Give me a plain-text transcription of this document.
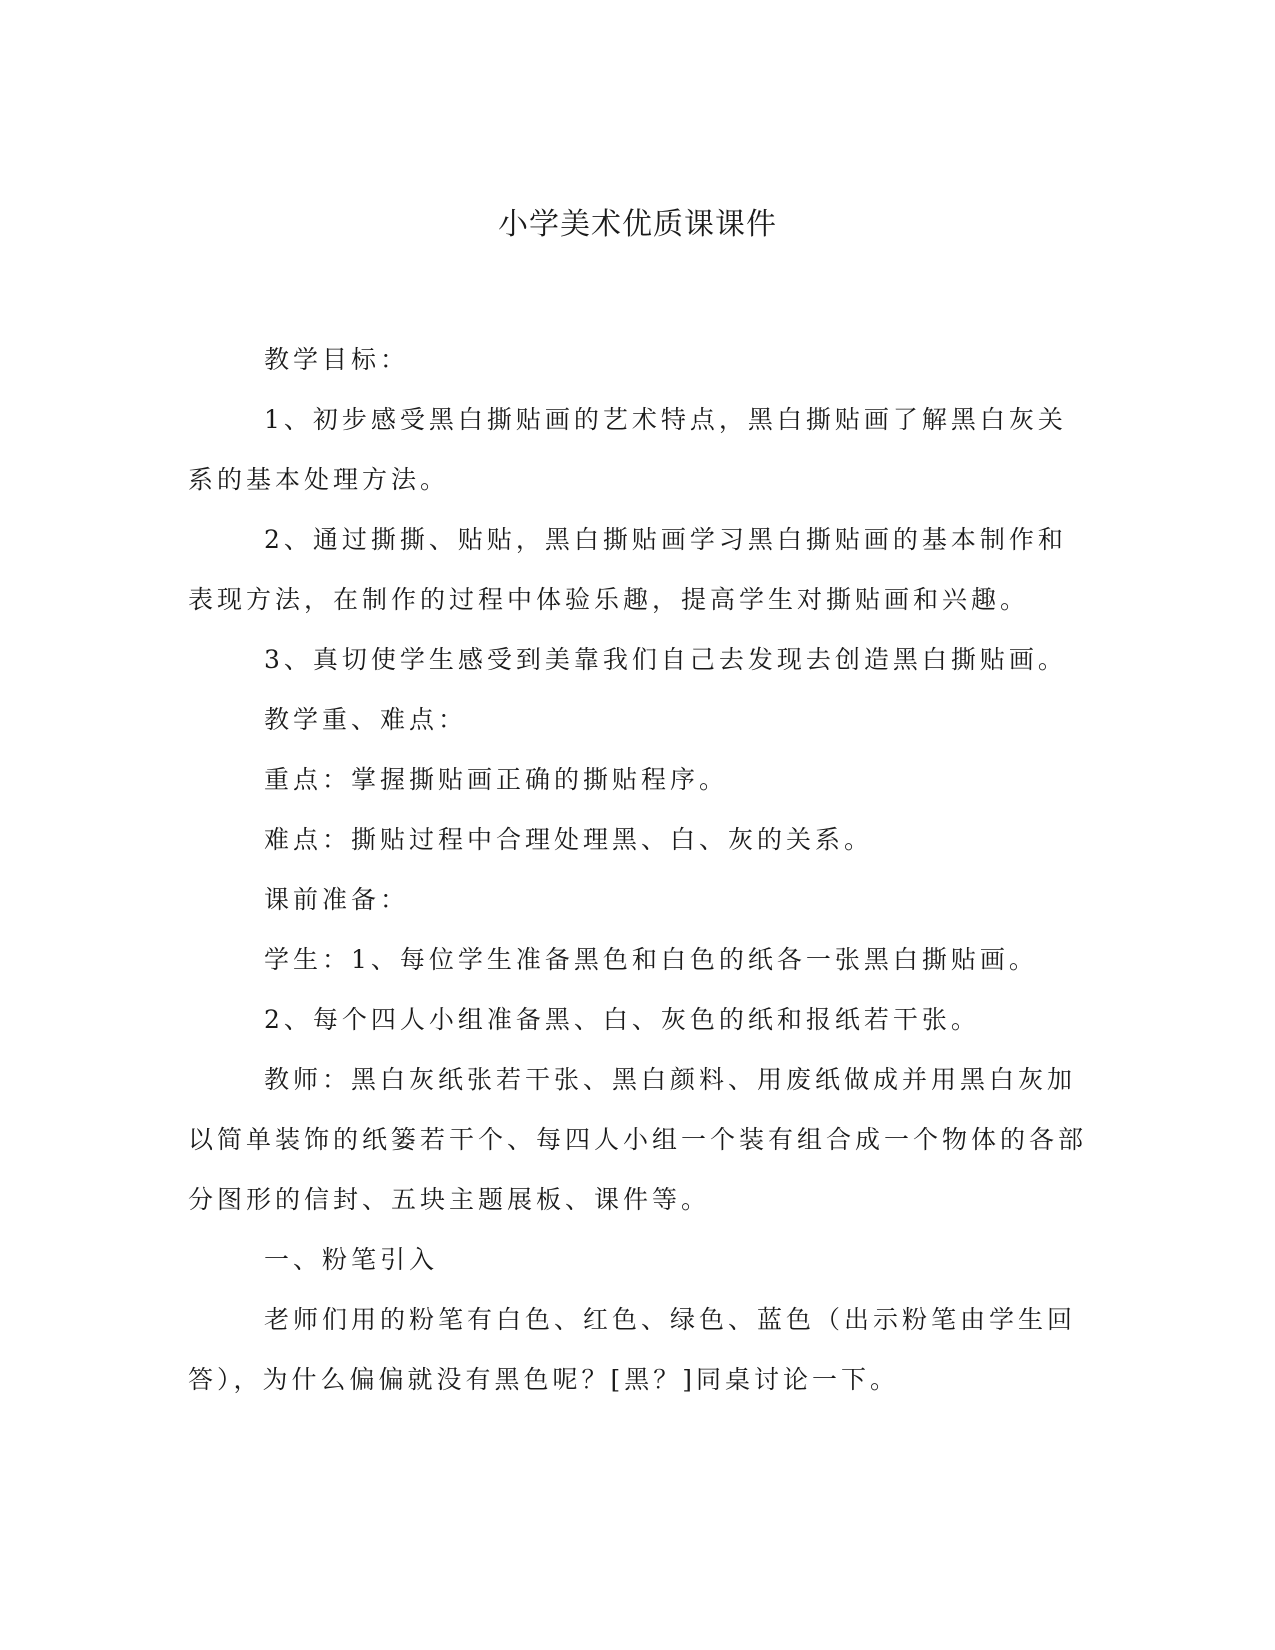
小学美术优质课课件

教学目标：

1、初步感受黑白撕贴画的艺术特点，黑白撕贴画了解黑白灰关系的基本处理方法。

2、通过撕撕、贴贴，黑白撕贴画学习黑白撕贴画的基本制作和表现方法，在制作的过程中体验乐趣，提高学生对撕贴画和兴趣。

3、真切使学生感受到美靠我们自己去发现去创造黑白撕贴画。

教学重、难点：

重点：掌握撕贴画正确的撕贴程序。

难点：撕贴过程中合理处理黑、白、灰的关系。

课前准备：

学生：1、每位学生准备黑色和白色的纸各一张黑白撕贴画。

2、每个四人小组准备黑、白、灰色的纸和报纸若干张。

教师：黑白灰纸张若干张、黑白颜料、用废纸做成并用黑白灰加以简单装饰的纸篓若干个、每四人小组一个装有组合成一个物体的各部分图形的信封、五块主题展板、课件等。

一、粉笔引入

老师们用的粉笔有白色、红色、绿色、蓝色（出示粉笔由学生回答），为什么偏偏就没有黑色呢？[黑？]同桌讨论一下。
